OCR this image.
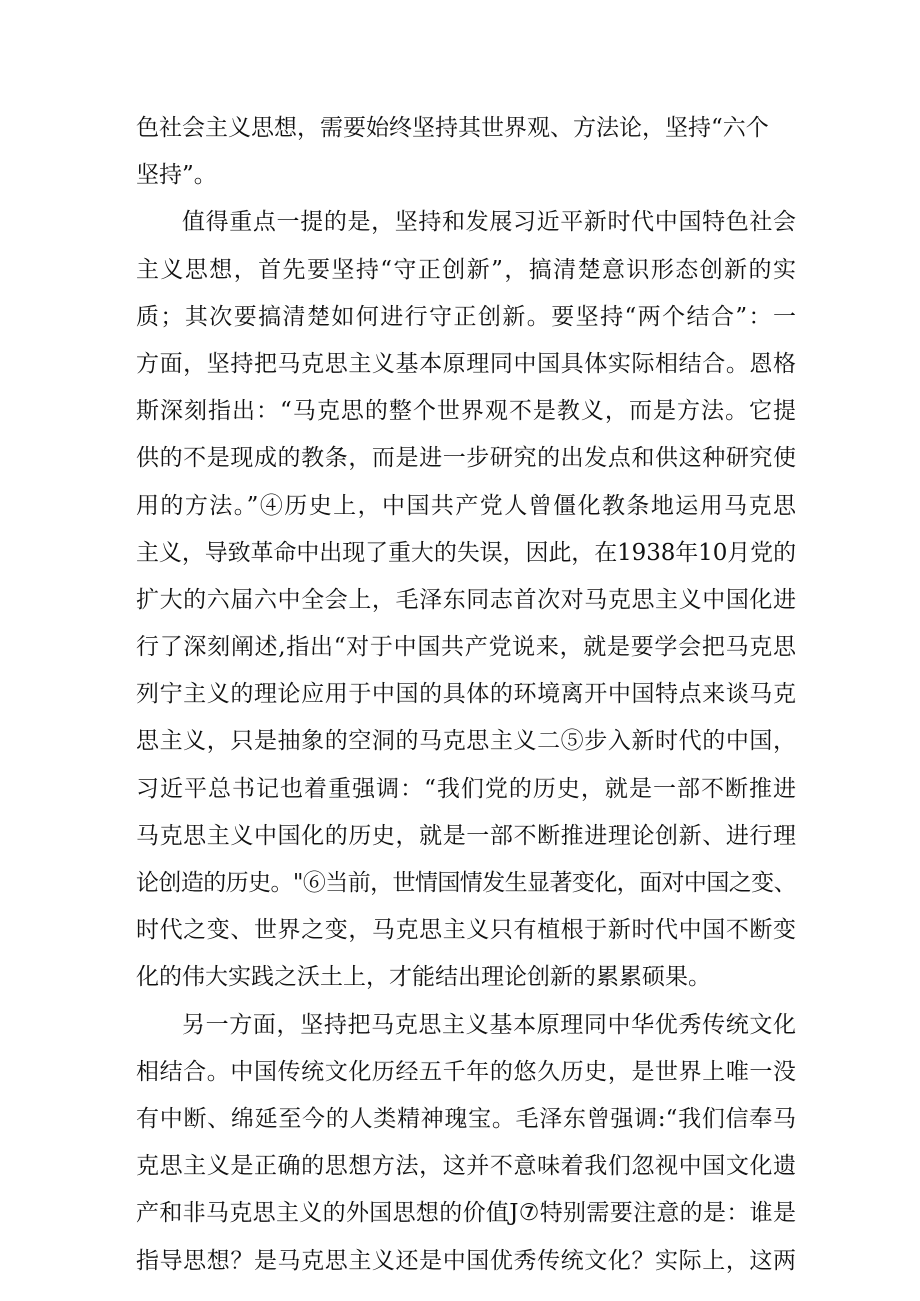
色社会主义思想，需要始终坚持其世界观、方法论，坚持“六个
坚持”。
值得重点一提的是，坚持和发展习近平新时代中国特色社会
主义思想，首先要坚持“守正创新”，搞清楚意识形态创新的实
质；其次要搞清楚如何进行守正创新。要坚持“两个结合”：一
方面，坚持把马克思主义基本原理同中国具体实际相结合。恩格
斯深刻指出：“马克思的整个世界观不是教义，而是方法。它提
供的不是现成的教条，而是进一步研究的出发点和供这种研究使
用的方法。”④历史上，中国共产党人曾僵化教条地运用马克思
主义，导致革命中出现了重大的失误，因此，在1938年10月党的
扩大的六届六中全会上，毛泽东同志首次对马克思主义中国化进
行了深刻阐述,指出“对于中国共产党说来，就是要学会把马克思
列宁主义的理论应用于中国的具体的环境离开中国特点来谈马克
思主义，只是抽象的空洞的马克思主义二⑤步入新时代的中国，
习近平总书记也着重强调：“我们党的历史，就是一部不断推进
马克思主义中国化的历史，就是一部不断推进理论创新、进行理
论创造的历史。"⑥当前，世情国情发生显著变化，面对中国之变、
时代之变、世界之变，马克思主义只有植根于新时代中国不断变
化的伟大实践之沃土上，才能结出理论创新的累累硕果。
另一方面，坚持把马克思主义基本原理同中华优秀传统文化
相结合。中国传统文化历经五千年的悠久历史，是世界上唯一没
有中断、绵延至今的人类精神瑰宝。毛泽东曾强调:“我们信奉马
克思主义是正确的思想方法，这并不意味着我们忽视中国文化遗
产和非马克思主义的外国思想的价值J⑦特别需要注意的是：谁是
指导思想？是马克思主义还是中国优秀传统文化？实际上，这两
